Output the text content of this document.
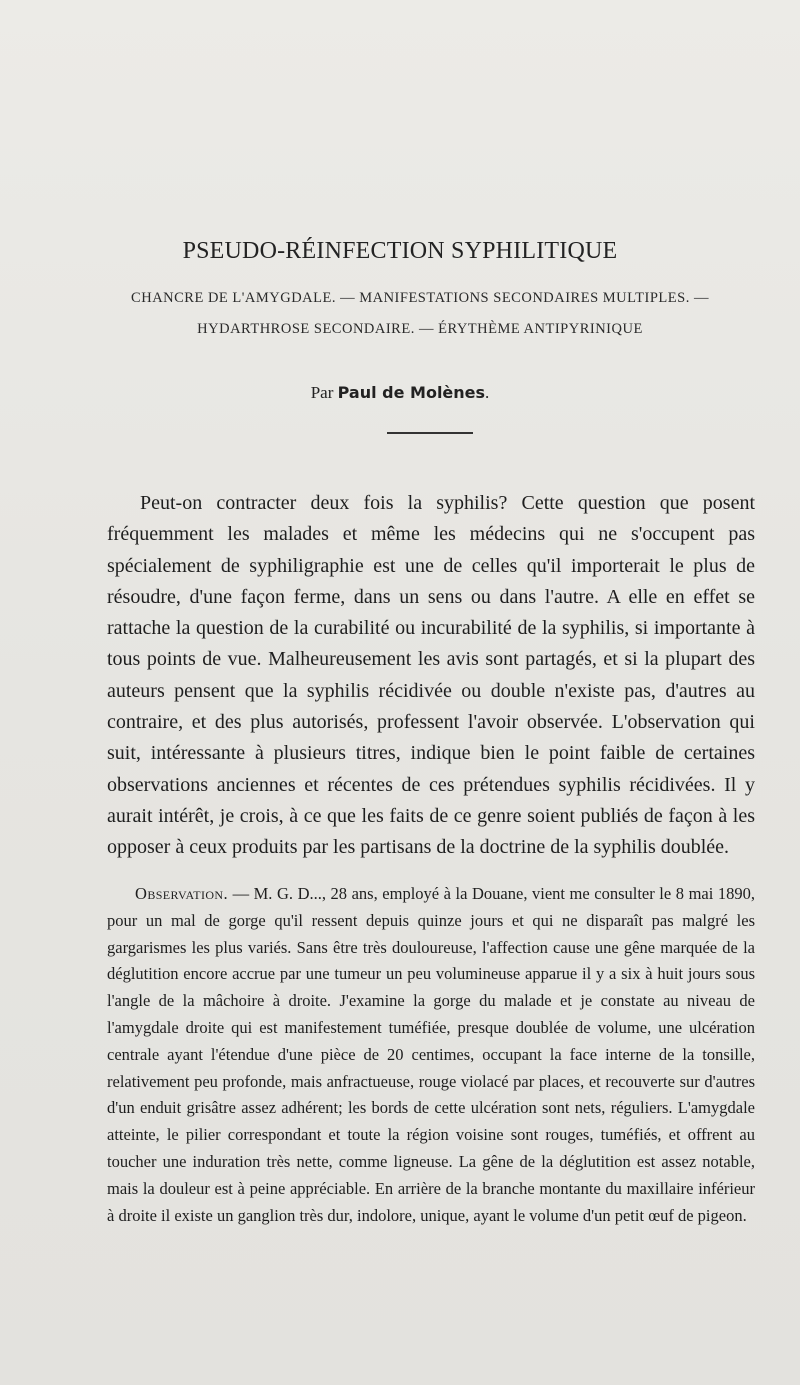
PSEUDO-RÉINFECTION SYPHILITIQUE
CHANCRE DE L'AMYGDALE. — MANIFESTATIONS SECONDAIRES MULTIPLES. —
HYDARTHROSE SECONDAIRE. — ÉRYTHÈME ANTIPYRINIQUE
Par Paul de Molènes.

Peut-on contracter deux fois la syphilis? Cette question que posent fréquemment les malades et même les médecins qui ne s'occupent pas spécialement de syphiligraphie est une de celles qu'il importerait le plus de résoudre, d'une façon ferme, dans un sens ou dans l'autre. A elle en effet se rattache la question de la curabilité ou incurabilité de la syphilis, si importante à tous points de vue. Malheureusement les avis sont partagés, et si la plupart des auteurs pensent que la syphilis récidivée ou double n'existe pas, d'autres au contraire, et des plus autorisés, professent l'avoir observée. L'observation qui suit, intéressante à plusieurs titres, indique bien le point faible de certaines observations anciennes et récentes de ces prétendues syphilis récidivées. Il y aurait intérêt, je crois, à ce que les faits de ce genre soient publiés de façon à les opposer à ceux produits par les partisans de la doctrine de la syphilis doublée.

Observation. — M. G. D..., 28 ans, employé à la Douane, vient me consulter le 8 mai 1890, pour un mal de gorge qu'il ressent depuis quinze jours et qui ne disparaît pas malgré les gargarismes les plus variés. Sans être très douloureuse, l'affection cause une gêne marquée de la déglutition encore accrue par une tumeur un peu volumineuse apparue il y a six à huit jours sous l'angle de la mâchoire à droite. J'examine la gorge du malade et je constate au niveau de l'amygdale droite qui est manifestement tuméfiée, presque doublée de volume, une ulcération centrale ayant l'étendue d'une pièce de 20 centimes, occupant la face interne de la tonsille, relativement peu profonde, mais anfractueuse, rouge violacé par places, et recouverte sur d'autres d'un enduit grisâtre assez adhérent; les bords de cette ulcération sont nets, réguliers. L'amygdale atteinte, le pilier correspondant et toute la région voisine sont rouges, tuméfiés, et offrent au toucher une induration très nette, comme ligneuse. La gêne de la déglutition est assez notable, mais la douleur est à peine appréciable. En arrière de la branche montante du maxillaire inférieur à droite il existe un ganglion très dur, indolore, unique, ayant le volume d'un petit œuf de pigeon.
